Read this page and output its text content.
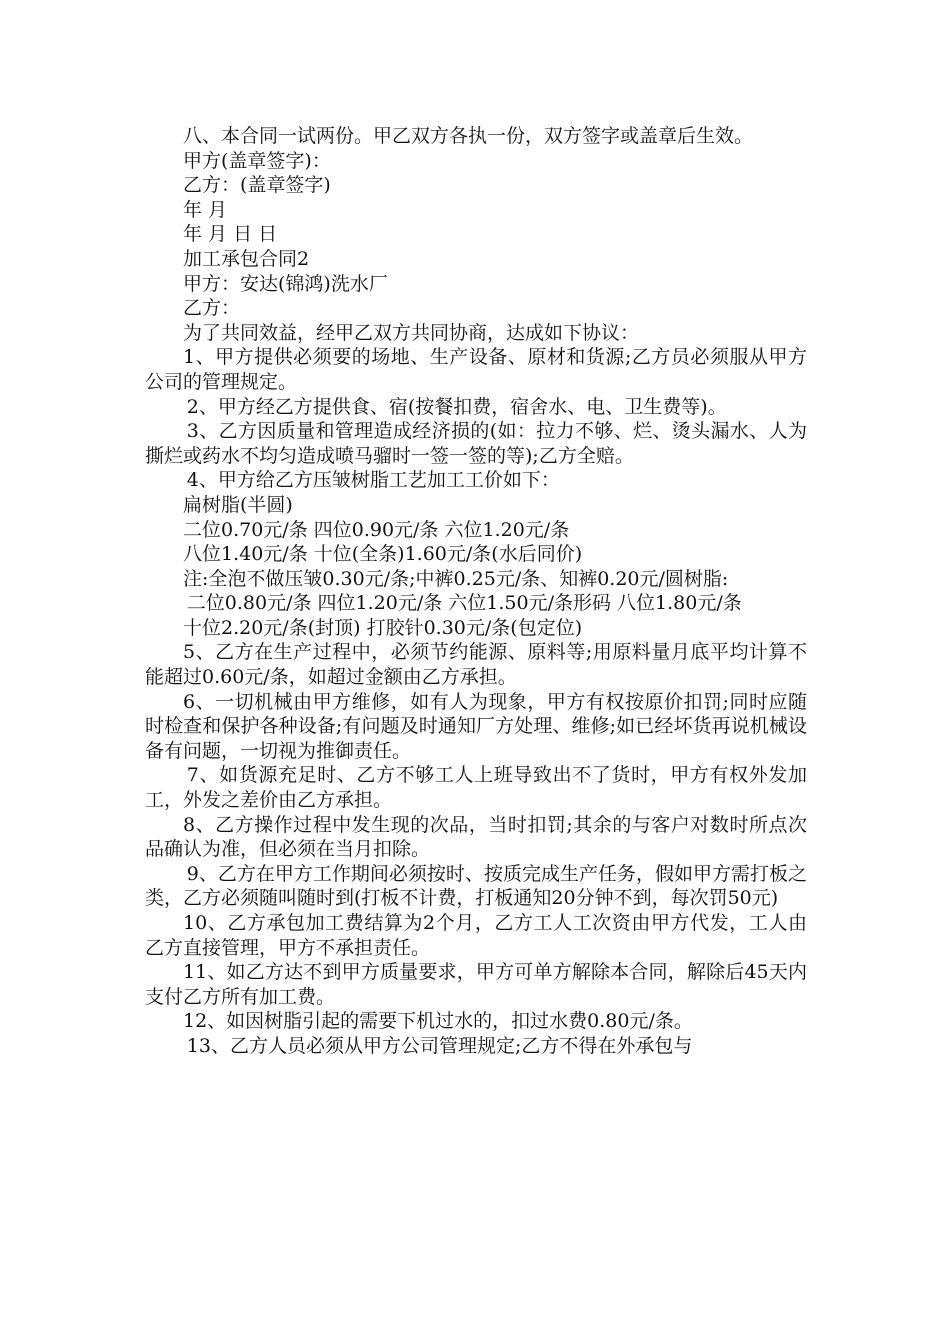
八、本合同一试两份。甲乙双方各执一份，双方签字或盖章后生效。

甲方(盖章签字)：

乙方：(盖章签字)

年 月

年 月 日 日

加工承包合同2

甲方：安达(锦鸿)洗水厂

乙方：

为了共同效益，经甲乙双方共同协商，达成如下协议：

1、甲方提供必须要的场地、生产设备、原材和货源;乙方员必须服从甲方公司的管理规定。

2、甲方经乙方提供食、宿(按餐扣费，宿舍水、电、卫生费等)。

3、乙方因质量和管理造成经济损的(如：拉力不够、烂、烫头漏水、人为撕烂或药水不均匀造成喷马骝时一签一签的等);乙方全赔。

4、甲方给乙方压皱树脂工艺加工工价如下：

扁树脂(半圆)

二位0.70元/条 四位0.90元/条 六位1.20元/条

八位1.40元/条 十位(全条)1.60元/条(水后同价)

注:全泡不做压皱0.30元/条;中裤0.25元/条、知裤0.20元/圆树脂:

二位0.80元/条 四位1.20元/条 六位1.50元/条形码 八位1.80元/条

十位2.20元/条(封顶) 打胶针0.30元/条(包定位)

5、乙方在生产过程中，必须节约能源、原料等;用原料量月底平均计算不能超过0.60元/条，如超过金额由乙方承担。

6、一切机械由甲方维修，如有人为现象，甲方有权按原价扣罚;同时应随时检查和保护各种设备;有问题及时通知厂方处理、维修;如已经坏货再说机械设备有问题，一切视为推御责任。

7、如货源充足时、乙方不够工人上班导致出不了货时，甲方有权外发加工，外发之差价由乙方承担。

8、乙方操作过程中发生现的次品，当时扣罚;其余的与客户对数时所点次品确认为准，但必须在当月扣除。

9、乙方在甲方工作期间必须按时、按质完成生产任务，假如甲方需打板之类，乙方必须随叫随时到(打板不计费，打板通知20分钟不到，每次罚50元)

10、乙方承包加工费结算为2个月，乙方工人工次资由甲方代发，工人由乙方直接管理，甲方不承担责任。

11、如乙方达不到甲方质量要求，甲方可单方解除本合同，解除后45天内支付乙方所有加工费。

12、如因树脂引起的需要下机过水的，扣过水费0.80元/条。

13、乙方人员必须从甲方公司管理规定;乙方不得在外承包与
